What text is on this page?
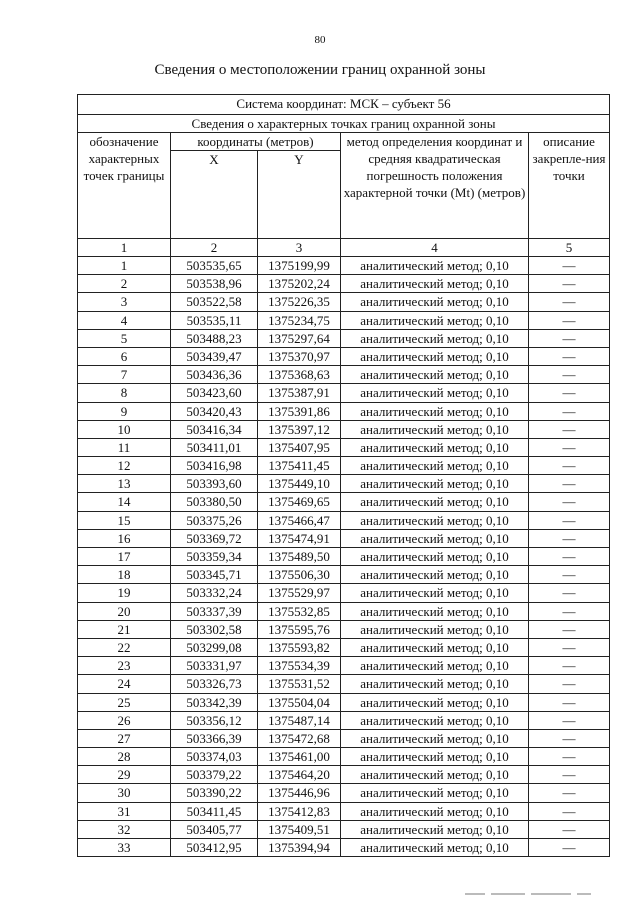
80
Сведения о местоположении границ охранной зоны
Система координат: МСК – субъект 56				
Сведения о характерных точках границ охранной зоны				
обозначение характерных точек границы	координаты (метров)		метод определения координат и средняя квадратическая погрешность положения характерной точки (Mt) (метров)	описание закрепле-ния точки
	X	Y		
1	2	3	4	5
1	503535,65	1375199,99	аналитический метод; 0,10	—
2	503538,96	1375202,24	аналитический метод; 0,10	—
3	503522,58	1375226,35	аналитический метод; 0,10	—
4	503535,11	1375234,75	аналитический метод; 0,10	—
5	503488,23	1375297,64	аналитический метод; 0,10	—
6	503439,47	1375370,97	аналитический метод; 0,10	—
7	503436,36	1375368,63	аналитический метод; 0,10	—
8	503423,60	1375387,91	аналитический метод; 0,10	—
9	503420,43	1375391,86	аналитический метод; 0,10	—
10	503416,34	1375397,12	аналитический метод; 0,10	—
11	503411,01	1375407,95	аналитический метод; 0,10	—
12	503416,98	1375411,45	аналитический метод; 0,10	—
13	503393,60	1375449,10	аналитический метод; 0,10	—
14	503380,50	1375469,65	аналитический метод; 0,10	—
15	503375,26	1375466,47	аналитический метод; 0,10	—
16	503369,72	1375474,91	аналитический метод; 0,10	—
17	503359,34	1375489,50	аналитический метод; 0,10	—
18	503345,71	1375506,30	аналитический метод; 0,10	—
19	503332,24	1375529,97	аналитический метод; 0,10	—
20	503337,39	1375532,85	аналитический метод; 0,10	—
21	503302,58	1375595,76	аналитический метод; 0,10	—
22	503299,08	1375593,82	аналитический метод; 0,10	—
23	503331,97	1375534,39	аналитический метод; 0,10	—
24	503326,73	1375531,52	аналитический метод; 0,10	—
25	503342,39	1375504,04	аналитический метод; 0,10	—
26	503356,12	1375487,14	аналитический метод; 0,10	—
27	503366,39	1375472,68	аналитический метод; 0,10	—
28	503374,03	1375461,00	аналитический метод; 0,10	—
29	503379,22	1375464,20	аналитический метод; 0,10	—
30	503390,22	1375446,96	аналитический метод; 0,10	—
31	503411,45	1375412,83	аналитический метод; 0,10	—
32	503405,77	1375409,51	аналитический метод; 0,10	—
33	503412,95	1375394,94	аналитический метод; 0,10	—
